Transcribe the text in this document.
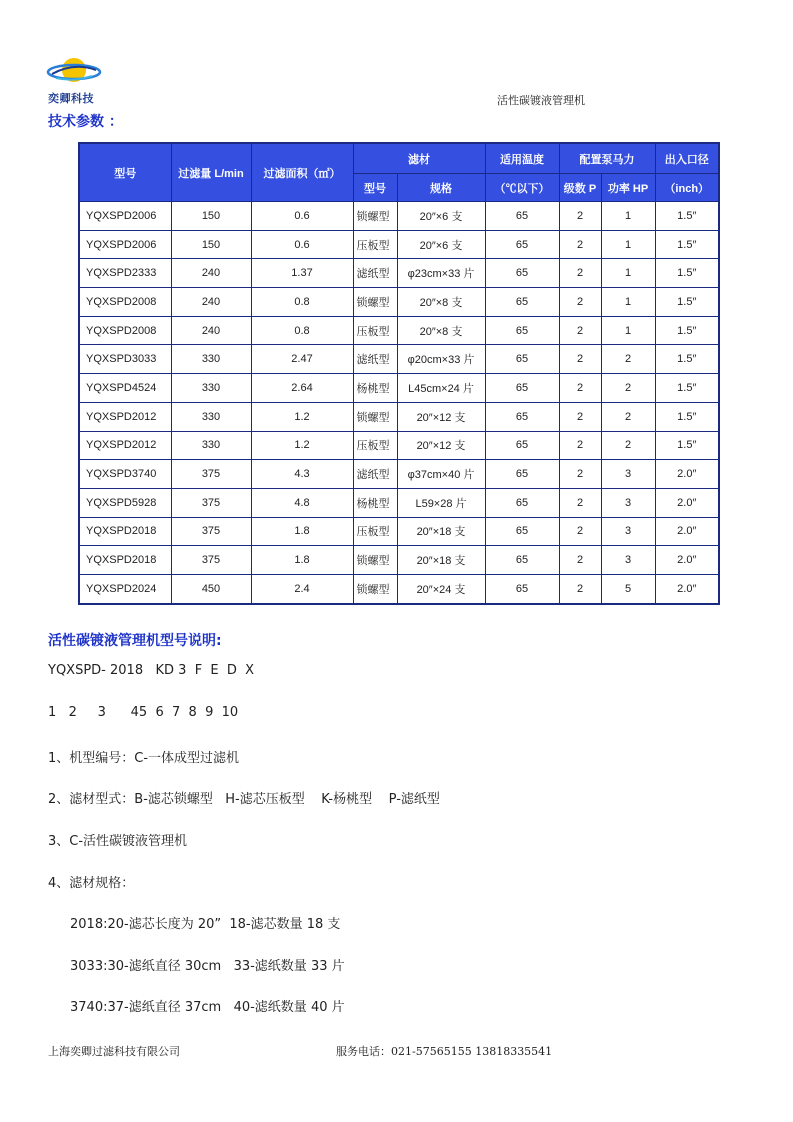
奕卿科技	活性碳镀液管理机
技术参数 ：
型号	过滤量 L/min	过滤面积（㎡）	滤材		适用温度	配置泵马力		出入口径
			型号	规格	（℃以下）	级数 P	功率 HP	（inch）
YQXSPD2006	150	0.6	锁螺型	20″×6 支	65	2	1	1.5″
YQXSPD2006	150	0.6	压板型	20″×6 支	65	2	1	1.5″
YQXSPD2333	240	1.37	滤纸型	φ23cm×33 片	65	2	1	1.5″
YQXSPD2008	240	0.8	锁螺型	20″×8 支	65	2	1	1.5″
YQXSPD2008	240	0.8	压板型	20″×8 支	65	2	1	1.5″
YQXSPD3033	330	2.47	滤纸型	φ20cm×33 片	65	2	2	1.5″
YQXSPD4524	330	2.64	杨桃型	L45cm×24 片	65	2	2	1.5″
YQXSPD2012	330	1.2	锁螺型	20″×12 支	65	2	2	1.5″
YQXSPD2012	330	1.2	压板型	20″×12 支	65	2	2	1.5″
YQXSPD3740	375	4.3	滤纸型	φ37cm×40 片	65	2	3	2.0″
YQXSPD5928	375	4.8	杨桃型	L59×28 片	65	2	3	2.0″
YQXSPD2018	375	1.8	压板型	20″×18 支	65	2	3	2.0″
YQXSPD2018	375	1.8	锁螺型	20″×18 支	65	2	3	2.0″
YQXSPD2024	450	2.4	锁螺型	20″×24 支	65	2	5	2.0″
活性碳镀液管理机型号说明:
YQXSPD- 2018   KD 3  F  E  D  X
1   2     3      45  6  7  8  9  10
1、机型编号：C-一体成型过滤机
2、滤材型式：B-滤芯锁螺型   H-滤芯压板型    K-杨桃型    P-滤纸型
3、C-活性碳镀液管理机
4、滤材规格：
2018:20-滤芯长度为 20”  18-滤芯数量 18 支
3033:30-滤纸直径 30cm   33-滤纸数量 33 片
3740:37-滤纸直径 37cm   40-滤纸数量 40 片
上海奕卿过滤科技有限公司	服务电话：021-57565155 13818335541
